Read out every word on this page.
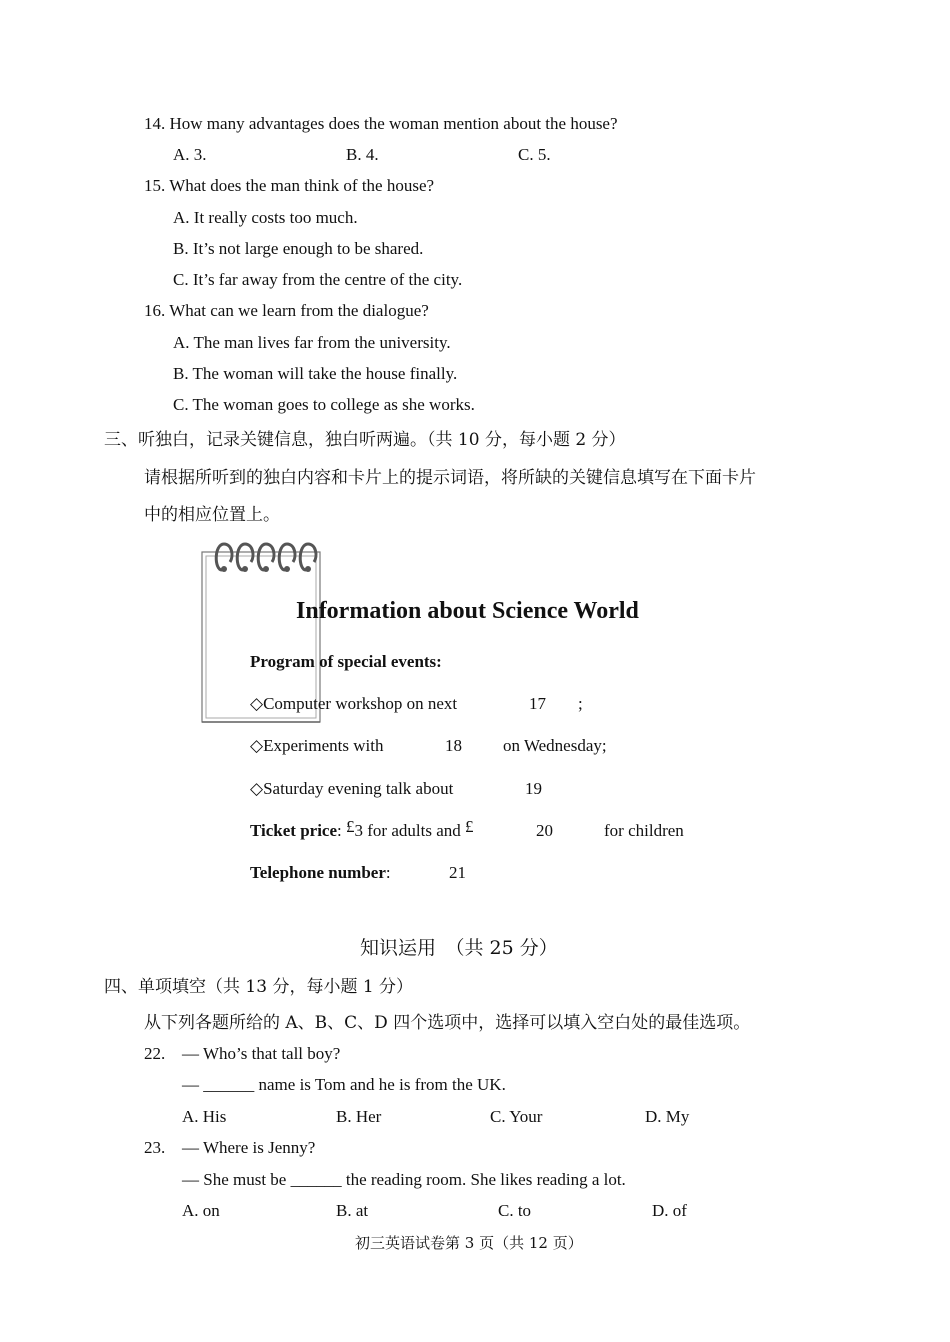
14. How many advantages does the woman mention about the house?
A. 3.	B. 4.	C. 5.
15. What does the man think of the house?
A. It really costs too much.
B. It’s not large enough to be shared.
C. It’s far away from the centre of the city.
16. What can we learn from the dialogue?
A. The man lives far from the university.
B. The woman will take the house finally.
C. The woman goes to college as she works.
三、听独白，记录关键信息，独白听两遍。（共 10 分，每小题 2 分）
请根据所听到的独白内容和卡片上的提示词语，将所缺的关键信息填写在下面卡片
中的相应位置上。
Information about Science World
Program of special events:
◇Computer workshop on next	17 ;
◇Experiments with	18 on Wednesday;
◇Saturday evening talk about	19
Ticket price: £3 for adults and £	20	for children
Telephone number:	21
知识运用　（共 25 分）
四、单项填空（共 13 分，每小题 1 分）
从下列各题所给的 A、B、C、D 四个选项中，选择可以填入空白处的最佳选项。
22. — Who’s that tall boy?
— ______ name is Tom and he is from the UK.
A. His	B. Her	C. Your	D. My
23. — Where is Jenny?
— She must be ______ the reading room. She likes reading a lot.
A. on	B. at	C. to	D. of
初三英语试卷第 3 页（共 12 页）
